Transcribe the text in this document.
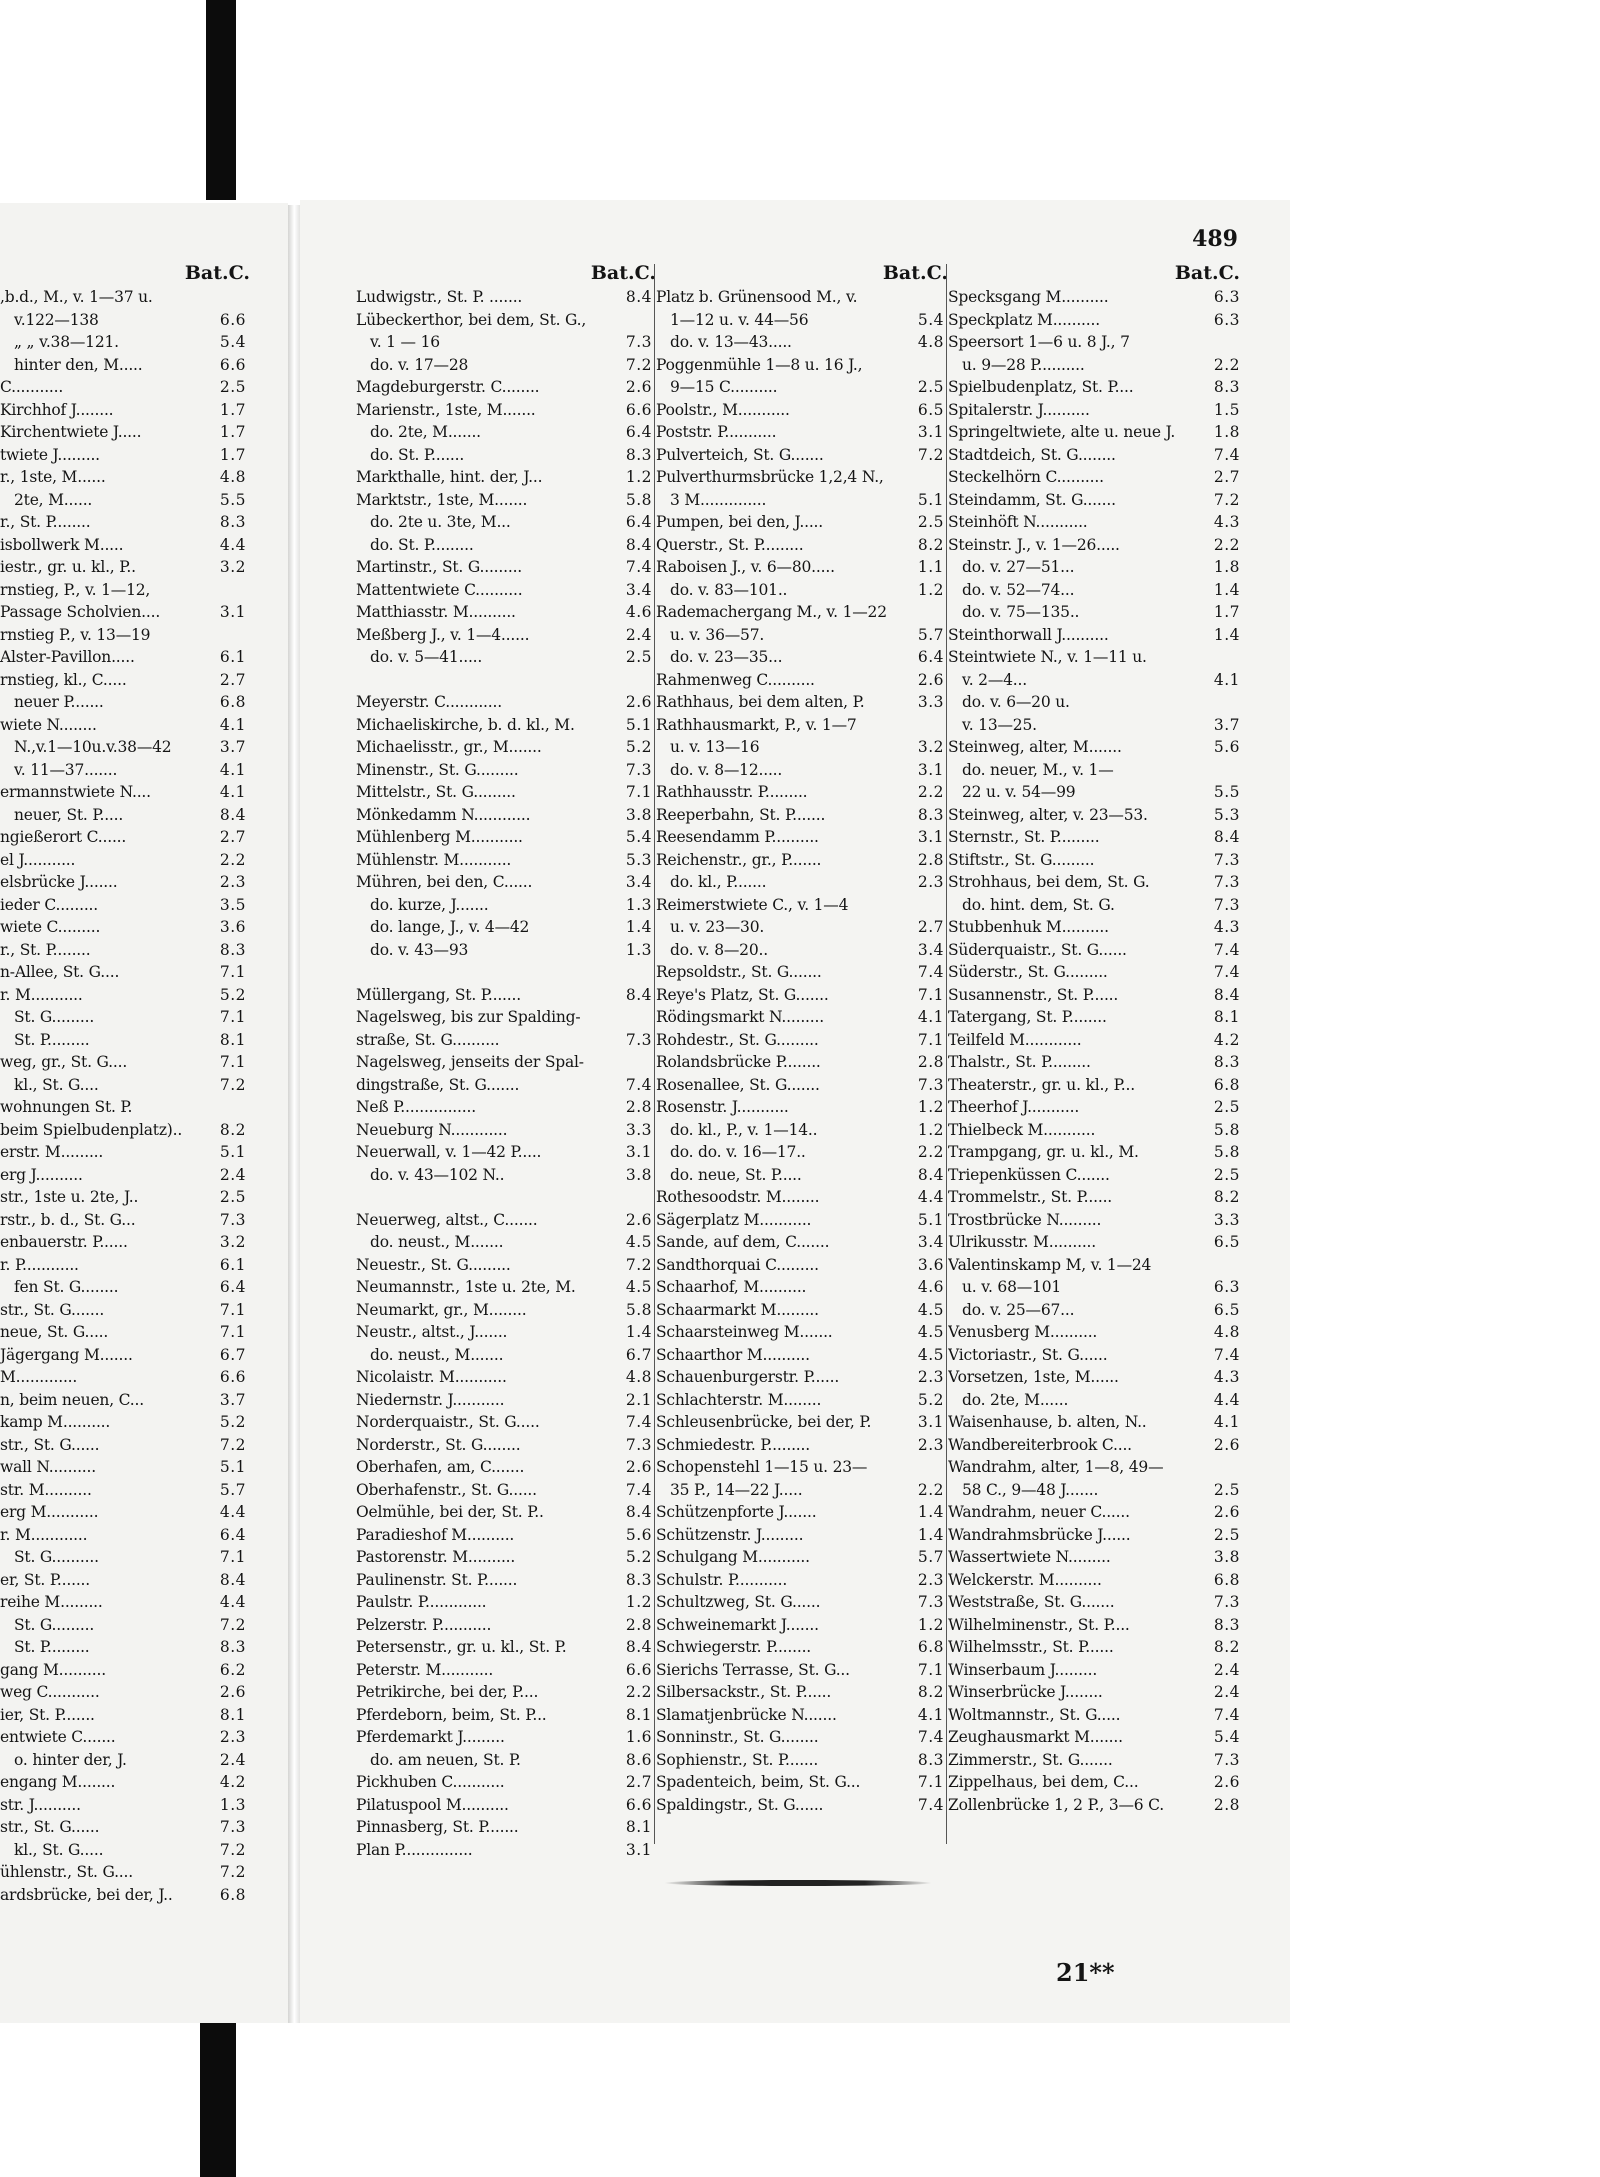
Bat.C.
,b.d., M., v. 1—37 u.
v.122—138	6.6
„ „ v.38—121.	5.4
hinter den, M.....	6.6
C...........	2.5
Kirchhof J........	1.7
Kirchentwiete J.....	1.7
twiete J.........	1.7
r., 1ste, M......	4.8
2te, M......	5.5
r., St. P........	8.3
isbollwerk M.....	4.4
iestr., gr. u. kl., P..	3.2
rnstieg, P., v. 1—12,
Passage Scholvien....	3.1
rnstieg P., v. 13—19
Alster-Pavillon.....	6.1
rnstieg, kl., C.....	2.7
neuer P.......	6.8
wiete N........	4.1
N.,v.1—10u.v.38—42	3.7
v. 11—37.......	4.1
ermannstwiete N....	4.1
neuer, St. P.....	8.4
ngießerort C......	2.7
el J...........	2.2
elsbrücke J.......	2.3
ieder C.........	3.5
wiete C.........	3.6
r., St. P........	8.3
n-Allee, St. G....	7.1
r. M...........	5.2
St. G.........	7.1
St. P.........	8.1
weg, gr., St. G....	7.1
kl., St. G....	7.2
wohnungen St. P.
beim Spielbudenplatz)..	8.2
erstr. M.........	5.1
erg J..........	2.4
str., 1ste u. 2te, J..	2.5
rstr., b. d., St. G...	7.3
enbauerstr. P......	3.2
r. P............	6.1
fen St. G........	6.4
str., St. G.......	7.1
neue, St. G.....	7.1
Jägergang M.......	6.7
M.............	6.6
n, beim neuen, C...	3.7
kamp M..........	5.2
str., St. G......	7.2
wall N..........	5.1
str. M..........	5.7
erg M...........	4.4
r. M............	6.4
St. G..........	7.1
er, St. P.......	8.4
reihe M.........	4.4
St. G.........	7.2
St. P.........	8.3
gang M..........	6.2
weg C...........	2.6
ier, St. P.......	8.1
entwiete C.......	2.3
o. hinter der, J.	2.4
engang M........	4.2
str. J..........	1.3
str., St. G......	7.3
kl., St. G.....	7.2
ühlenstr., St. G....	7.2
ardsbrücke, bei der, J..	6.8
489
Bat.C.	Bat.C.	Bat.C.
Ludwigstr., St. P. .......	8.4
Lübeckerthor, bei dem, St. G.,
v. 1 — 16	7.3
do. v. 17—28	7.2
Magdeburgerstr. C........	2.6
Marienstr., 1ste, M.......	6.6
do. 2te, M.......	6.4
do. St. P.......	8.3
Markthalle, hint. der, J...	1.2
Marktstr., 1ste, M.......	5.8
do. 2te u. 3te, M...	6.4
do. St. P.........	8.4
Martinstr., St. G.........	7.4
Mattentwiete C..........	3.4
Matthiasstr. M..........	4.6
Meßberg J., v. 1—4......	2.4
do. v. 5—41.....	2.5
Meyerstr. C............	2.6
Michaeliskirche, b. d. kl., M.	5.1
Michaelisstr., gr., M.......	5.2
Minenstr., St. G.........	7.3
Mittelstr., St. G.........	7.1
Mönkedamm N............	3.8
Mühlenberg M...........	5.4
Mühlenstr. M...........	5.3
Mühren, bei den, C......	3.4
do. kurze, J.......	1.3
do. lange, J., v. 4—42	1.4
do. v. 43—93	1.3
Müllergang, St. P.......	8.4
Nagelsweg, bis zur Spalding-
straße, St. G..........	7.3
Nagelsweg, jenseits der Spal-
dingstraße, St. G.......	7.4
Neß P................	2.8
Neueburg N............	3.3
Neuerwall, v. 1—42 P.....	3.1
do. v. 43—102 N..	3.8
Neuerweg, altst., C.......	2.6
do. neust., M.......	4.5
Neuestr., St. G.........	7.2
Neumannstr., 1ste u. 2te, M.	4.5
Neumarkt, gr., M........	5.8
Neustr., altst., J.......	1.4
do. neust., M.......	6.7
Nicolaistr. M...........	4.8
Niedernstr. J...........	2.1
Norderquaistr., St. G.....	7.4
Norderstr., St. G........	7.3
Oberhafen, am, C.......	2.6
Oberhafenstr., St. G......	7.4
Oelmühle, bei der, St. P..	8.4
Paradieshof M..........	5.6
Pastorenstr. M..........	5.2
Paulinenstr. St. P.......	8.3
Paulstr. P.............	1.2
Pelzerstr. P...........	2.8
Petersenstr., gr. u. kl., St. P.	8.4
Peterstr. M...........	6.6
Petrikirche, bei der, P....	2.2
Pferdeborn, beim, St. P...	8.1
Pferdemarkt J.........	1.6
do. am neuen, St. P.	8.6
Pickhuben C...........	2.7
Pilatuspool M..........	6.6
Pinnasberg, St. P.......	8.1
Plan P...............	3.1
Platz b. Grünensood M., v.
1—12 u. v. 44—56	5.4
do. v. 13—43.....	4.8
Poggenmühle 1—8 u. 16 J.,
9—15 C..........	2.5
Poolstr., M...........	6.5
Poststr. P...........	3.1
Pulverteich, St. G.......	7.2
Pulverthurmsbrücke 1,2,4 N.,
3 M..............	5.1
Pumpen, bei den, J.....	2.5
Querstr., St. P.........	8.2
Raboisen J., v. 6—80.....	1.1
do. v. 83—101..	1.2
Rademachergang M., v. 1—22
u. v. 36—57.	5.7
do. v. 23—35...	6.4
Rahmenweg C..........	2.6
Rathhaus, bei dem alten, P.	3.3
Rathhausmarkt, P., v. 1—7
u. v. 13—16	3.2
do. v. 8—12.....	3.1
Rathhausstr. P.........	2.2
Reeperbahn, St. P.......	8.3
Reesendamm P..........	3.1
Reichenstr., gr., P.......	2.8
do. kl., P.......	2.3
Reimerstwiete C., v. 1—4
u. v. 23—30.	2.7
do. v. 8—20..	3.4
Repsoldstr., St. G.......	7.4
Reye's Platz, St. G.......	7.1
Rödingsmarkt N.........	4.1
Rohdestr., St. G.........	7.1
Rolandsbrücke P........	2.8
Rosenallee, St. G.......	7.3
Rosenstr. J...........	1.2
do. kl., P., v. 1—14..	1.2
do. do. v. 16—17..	2.2
do. neue, St. P.....	8.4
Rothesoodstr. M........	4.4
Sägerplatz M...........	5.1
Sande, auf dem, C.......	3.4
Sandthorquai C.........	3.6
Schaarhof, M..........	4.6
Schaarmarkt M.........	4.5
Schaarsteinweg M.......	4.5
Schaarthor M..........	4.5
Schauenburgerstr. P......	2.3
Schlachterstr. M........	5.2
Schleusenbrücke, bei der, P.	3.1
Schmiedestr. P.........	2.3
Schopenstehl 1—15 u. 23—
35 P., 14—22 J.....	2.2
Schützenpforte J.......	1.4
Schützenstr. J.........	1.4
Schulgang M...........	5.7
Schulstr. P...........	2.3
Schultzweg, St. G......	7.3
Schweinemarkt J.......	1.2
Schwiegerstr. P........	6.8
Sierichs Terrasse, St. G...	7.1
Silbersackstr., St. P......	8.2
Slamatjenbrücke N.......	4.1
Sonninstr., St. G........	7.4
Sophienstr., St. P.......	8.3
Spadenteich, beim, St. G...	7.1
Spaldingstr., St. G......	7.4
Specksgang M..........	6.3
Speckplatz M..........	6.3
Speersort 1—6 u. 8 J., 7
u. 9—28 P..........	2.2
Spielbudenplatz, St. P....	8.3
Spitalerstr. J..........	1.5
Springeltwiete, alte u. neue J.	1.8
Stadtdeich, St. G........	7.4
Steckelhörn C..........	2.7
Steindamm, St. G.......	7.2
Steinhöft N...........	4.3
Steinstr. J., v. 1—26.....	2.2
do. v. 27—51...	1.8
do. v. 52—74...	1.4
do. v. 75—135..	1.7
Steinthorwall J..........	1.4
Steintwiete N., v. 1—11 u.
v. 2—4...	4.1
do. v. 6—20 u.
v. 13—25.	3.7
Steinweg, alter, M.......	5.6
do. neuer, M., v. 1—
22 u. v. 54—99	5.5
Steinweg, alter, v. 23—53.	5.3
Sternstr., St. P.........	8.4
Stiftstr., St. G.........	7.3
Strohhaus, bei dem, St. G.	7.3
do. hint. dem, St. G.	7.3
Stubbenhuk M..........	4.3
Süderquaistr., St. G......	7.4
Süderstr., St. G.........	7.4
Susannenstr., St. P......	8.4
Tatergang, St. P........	8.1
Teilfeld M............	4.2
Thalstr., St. P.........	8.3
Theaterstr., gr. u. kl., P...	6.8
Theerhof J...........	2.5
Thielbeck M...........	5.8
Trampgang, gr. u. kl., M.	5.8
Triepenküssen C.......	2.5
Trommelstr., St. P......	8.2
Trostbrücke N.........	3.3
Ulrikusstr. M..........	6.5
Valentinskamp M, v. 1—24
u. v. 68—101	6.3
do. v. 25—67...	6.5
Venusberg M..........	4.8
Victoriastr., St. G......	7.4
Vorsetzen, 1ste, M......	4.3
do. 2te, M......	4.4
Waisenhause, b. alten, N..	4.1
Wandbereiterbrook C....	2.6
Wandrahm, alter, 1—8, 49—
58 C., 9—48 J.......	2.5
Wandrahm, neuer C......	2.6
Wandrahmsbrücke J......	2.5
Wassertwiete N.........	3.8
Welckerstr. M..........	6.8
Weststraße, St. G.......	7.3
Wilhelminenstr., St. P....	8.3
Wilhelmsstr., St. P......	8.2
Winserbaum J.........	2.4
Winserbrücke J........	2.4
Woltmannstr., St. G.....	7.4
Zeughausmarkt M.......	5.4
Zimmerstr., St. G.......	7.3
Zippelhaus, bei dem, C...	2.6
Zollenbrücke 1, 2 P., 3—6 C.	2.8
21**
